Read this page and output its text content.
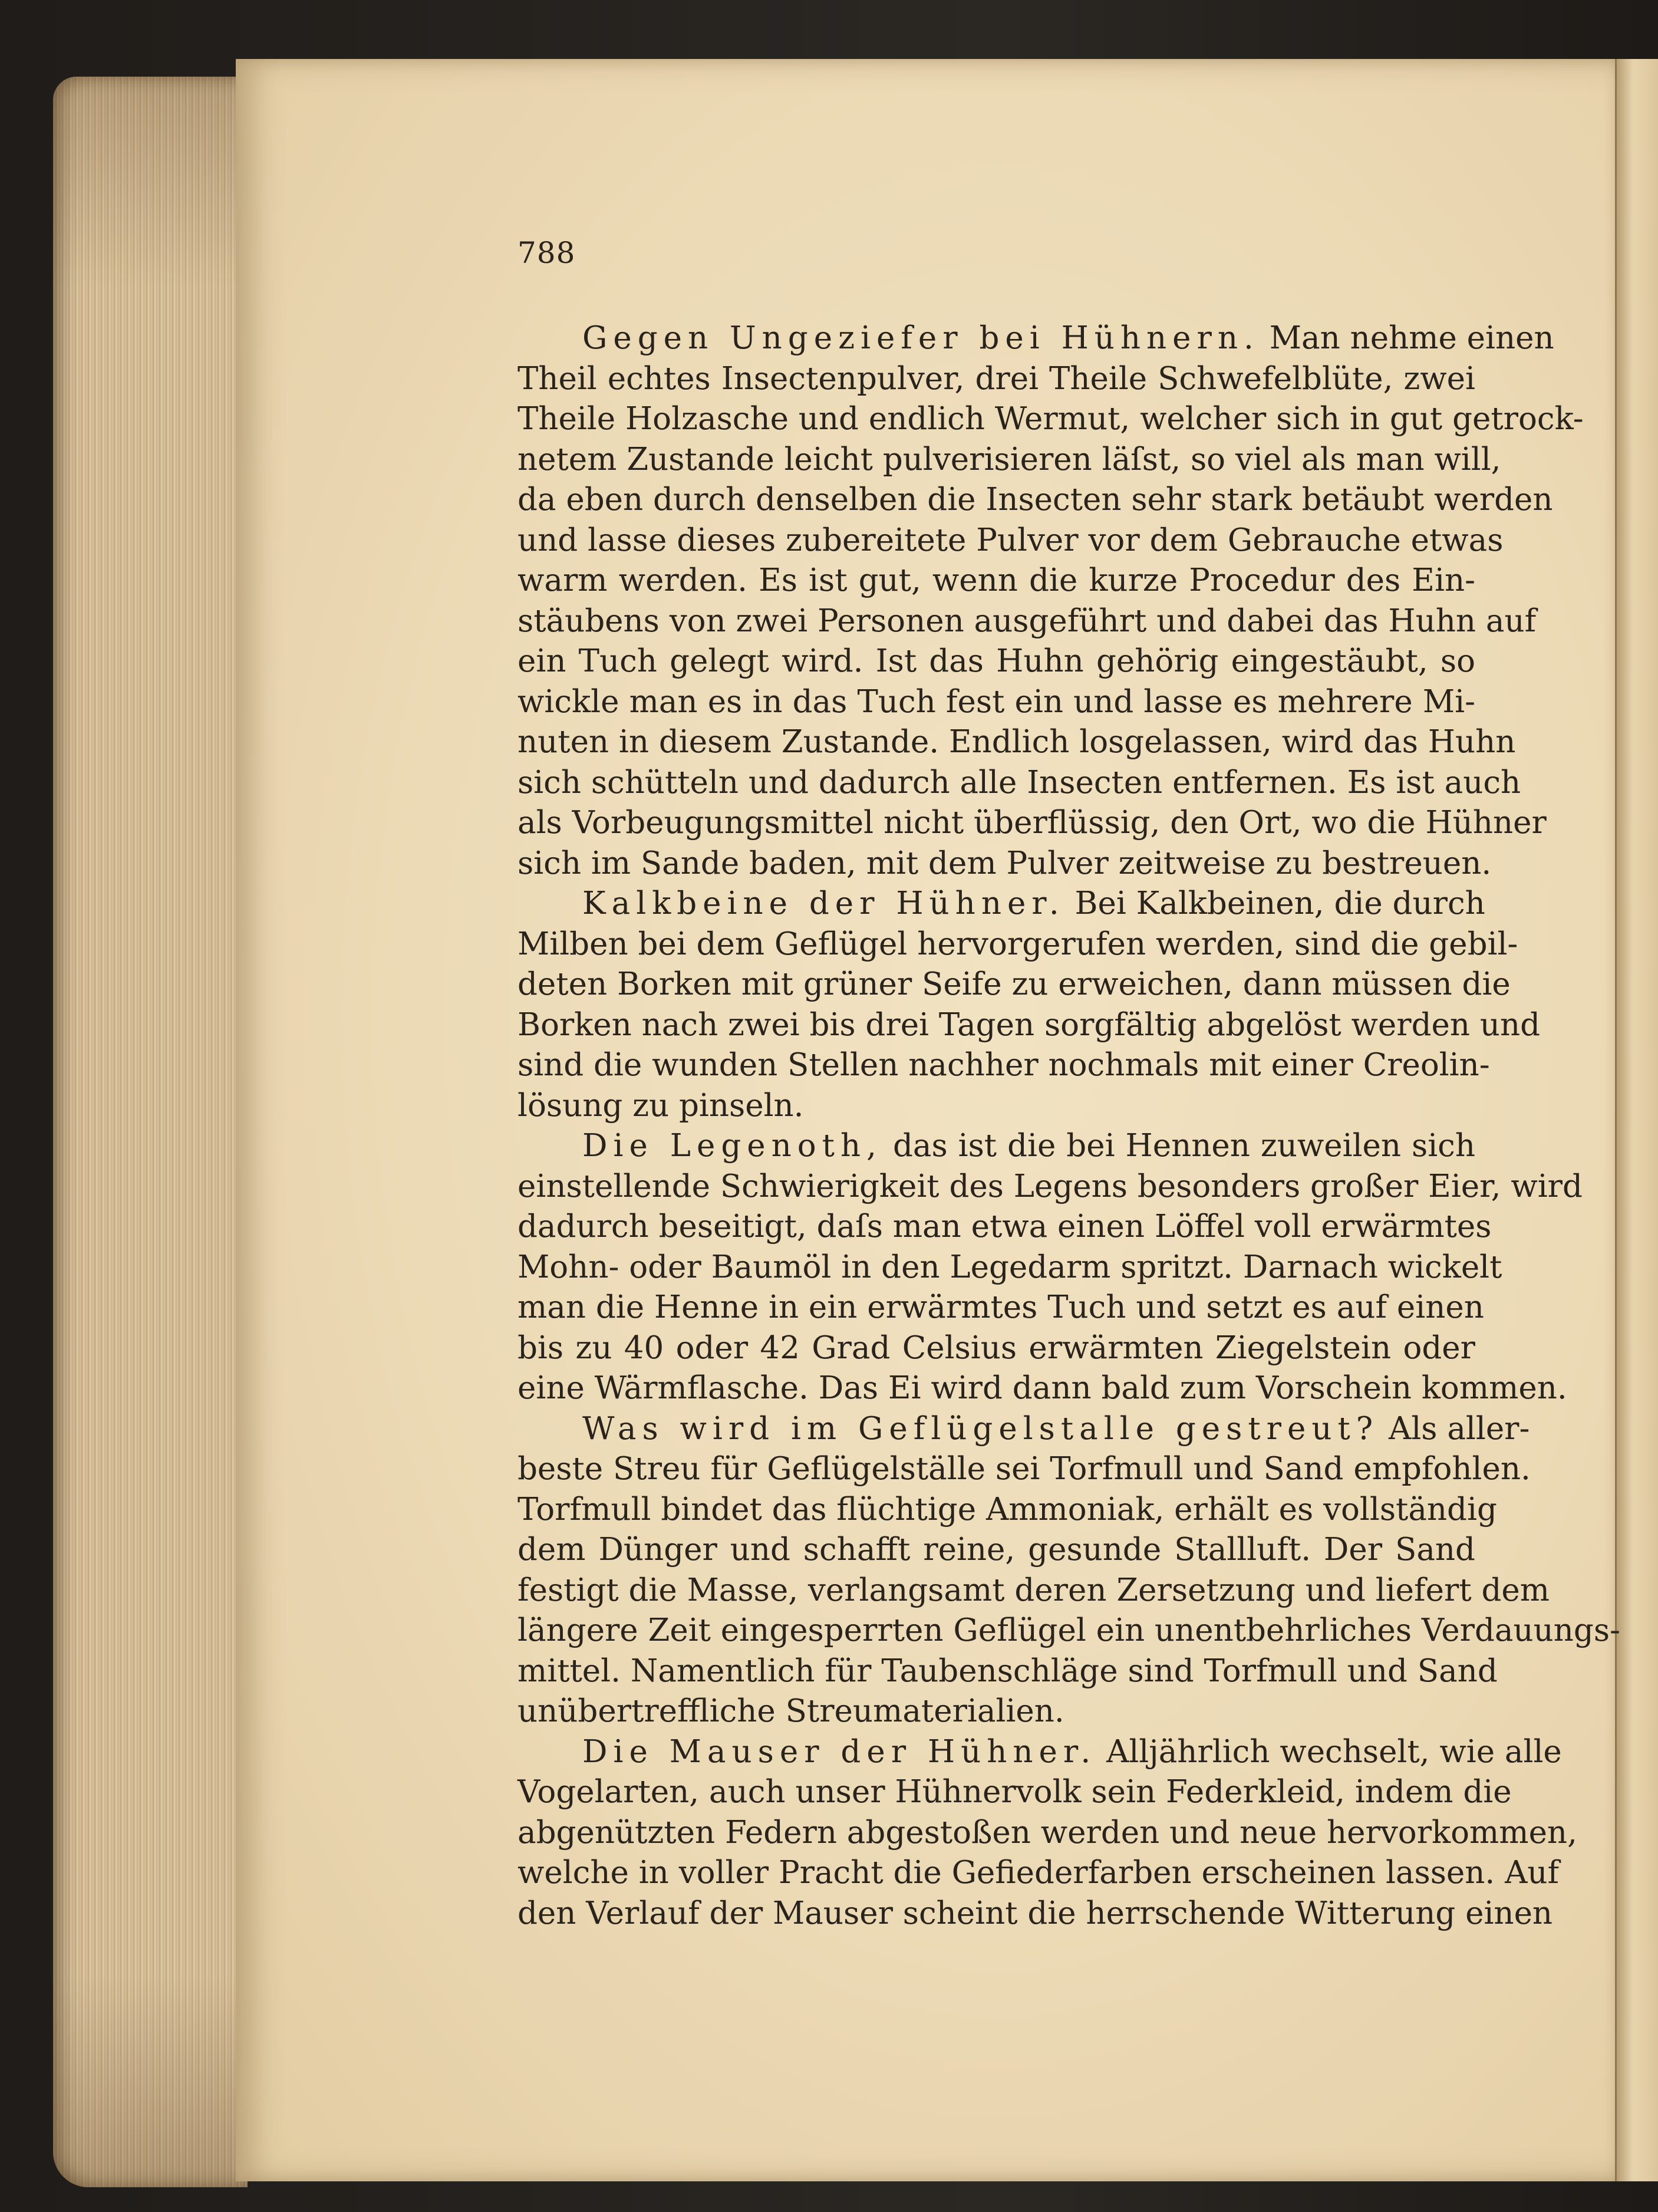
788
Gegen Ungeziefer bei Hühnern. Man nehme einen
Theil echtes Insectenpulver, drei Theile Schwefelblüte, zwei
Theile Holzasche und endlich Wermut, welcher sich in gut getrock-
netem Zustande leicht pulverisieren läſst, so viel als man will,
da eben durch denselben die Insecten sehr stark betäubt werden
und lasse dieses zubereitete Pulver vor dem Gebrauche etwas
warm werden. Es ist gut, wenn die kurze Procedur des Ein-
stäubens von zwei Personen ausgeführt und dabei das Huhn auf
ein Tuch gelegt wird. Ist das Huhn gehörig eingestäubt, so
wickle man es in das Tuch fest ein und lasse es mehrere Mi-
nuten in diesem Zustande. Endlich losgelassen, wird das Huhn
sich schütteln und dadurch alle Insecten entfernen. Es ist auch
als Vorbeugungsmittel nicht überflüssig, den Ort, wo die Hühner
sich im Sande baden, mit dem Pulver zeitweise zu bestreuen.
Kalkbeine der Hühner. Bei Kalkbeinen, die durch
Milben bei dem Geflügel hervorgerufen werden, sind die gebil-
deten Borken mit grüner Seife zu erweichen, dann müssen die
Borken nach zwei bis drei Tagen sorgfältig abgelöst werden und
sind die wunden Stellen nachher nochmals mit einer Creolin-
lösung zu pinseln.
Die Legenoth, das ist die bei Hennen zuweilen sich
einstellende Schwierigkeit des Legens besonders großer Eier, wird
dadurch beseitigt, daſs man etwa einen Löffel voll erwärmtes
Mohn- oder Baumöl in den Legedarm spritzt. Darnach wickelt
man die Henne in ein erwärmtes Tuch und setzt es auf einen
bis zu 40 oder 42 Grad Celsius erwärmten Ziegelstein oder
eine Wärmflasche. Das Ei wird dann bald zum Vorschein kommen.
Was wird im Geflügelstalle gestreut? Als aller-
beste Streu für Geflügelställe sei Torfmull und Sand empfohlen.
Torfmull bindet das flüchtige Ammoniak, erhält es vollständig
dem Dünger und schafft reine, gesunde Stallluft. Der Sand
festigt die Masse, verlangsamt deren Zersetzung und liefert dem
längere Zeit eingesperrten Geflügel ein unentbehrliches Verdauungs-
mittel. Namentlich für Taubenschläge sind Torfmull und Sand
unübertreffliche Streumaterialien.
Die Mauser der Hühner. Alljährlich wechselt, wie alle
Vogelarten, auch unser Hühnervolk sein Federkleid, indem die
abgenützten Federn abgestoßen werden und neue hervorkommen,
welche in voller Pracht die Gefiederfarben erscheinen lassen. Auf
den Verlauf der Mauser scheint die herrschende Witterung einen
